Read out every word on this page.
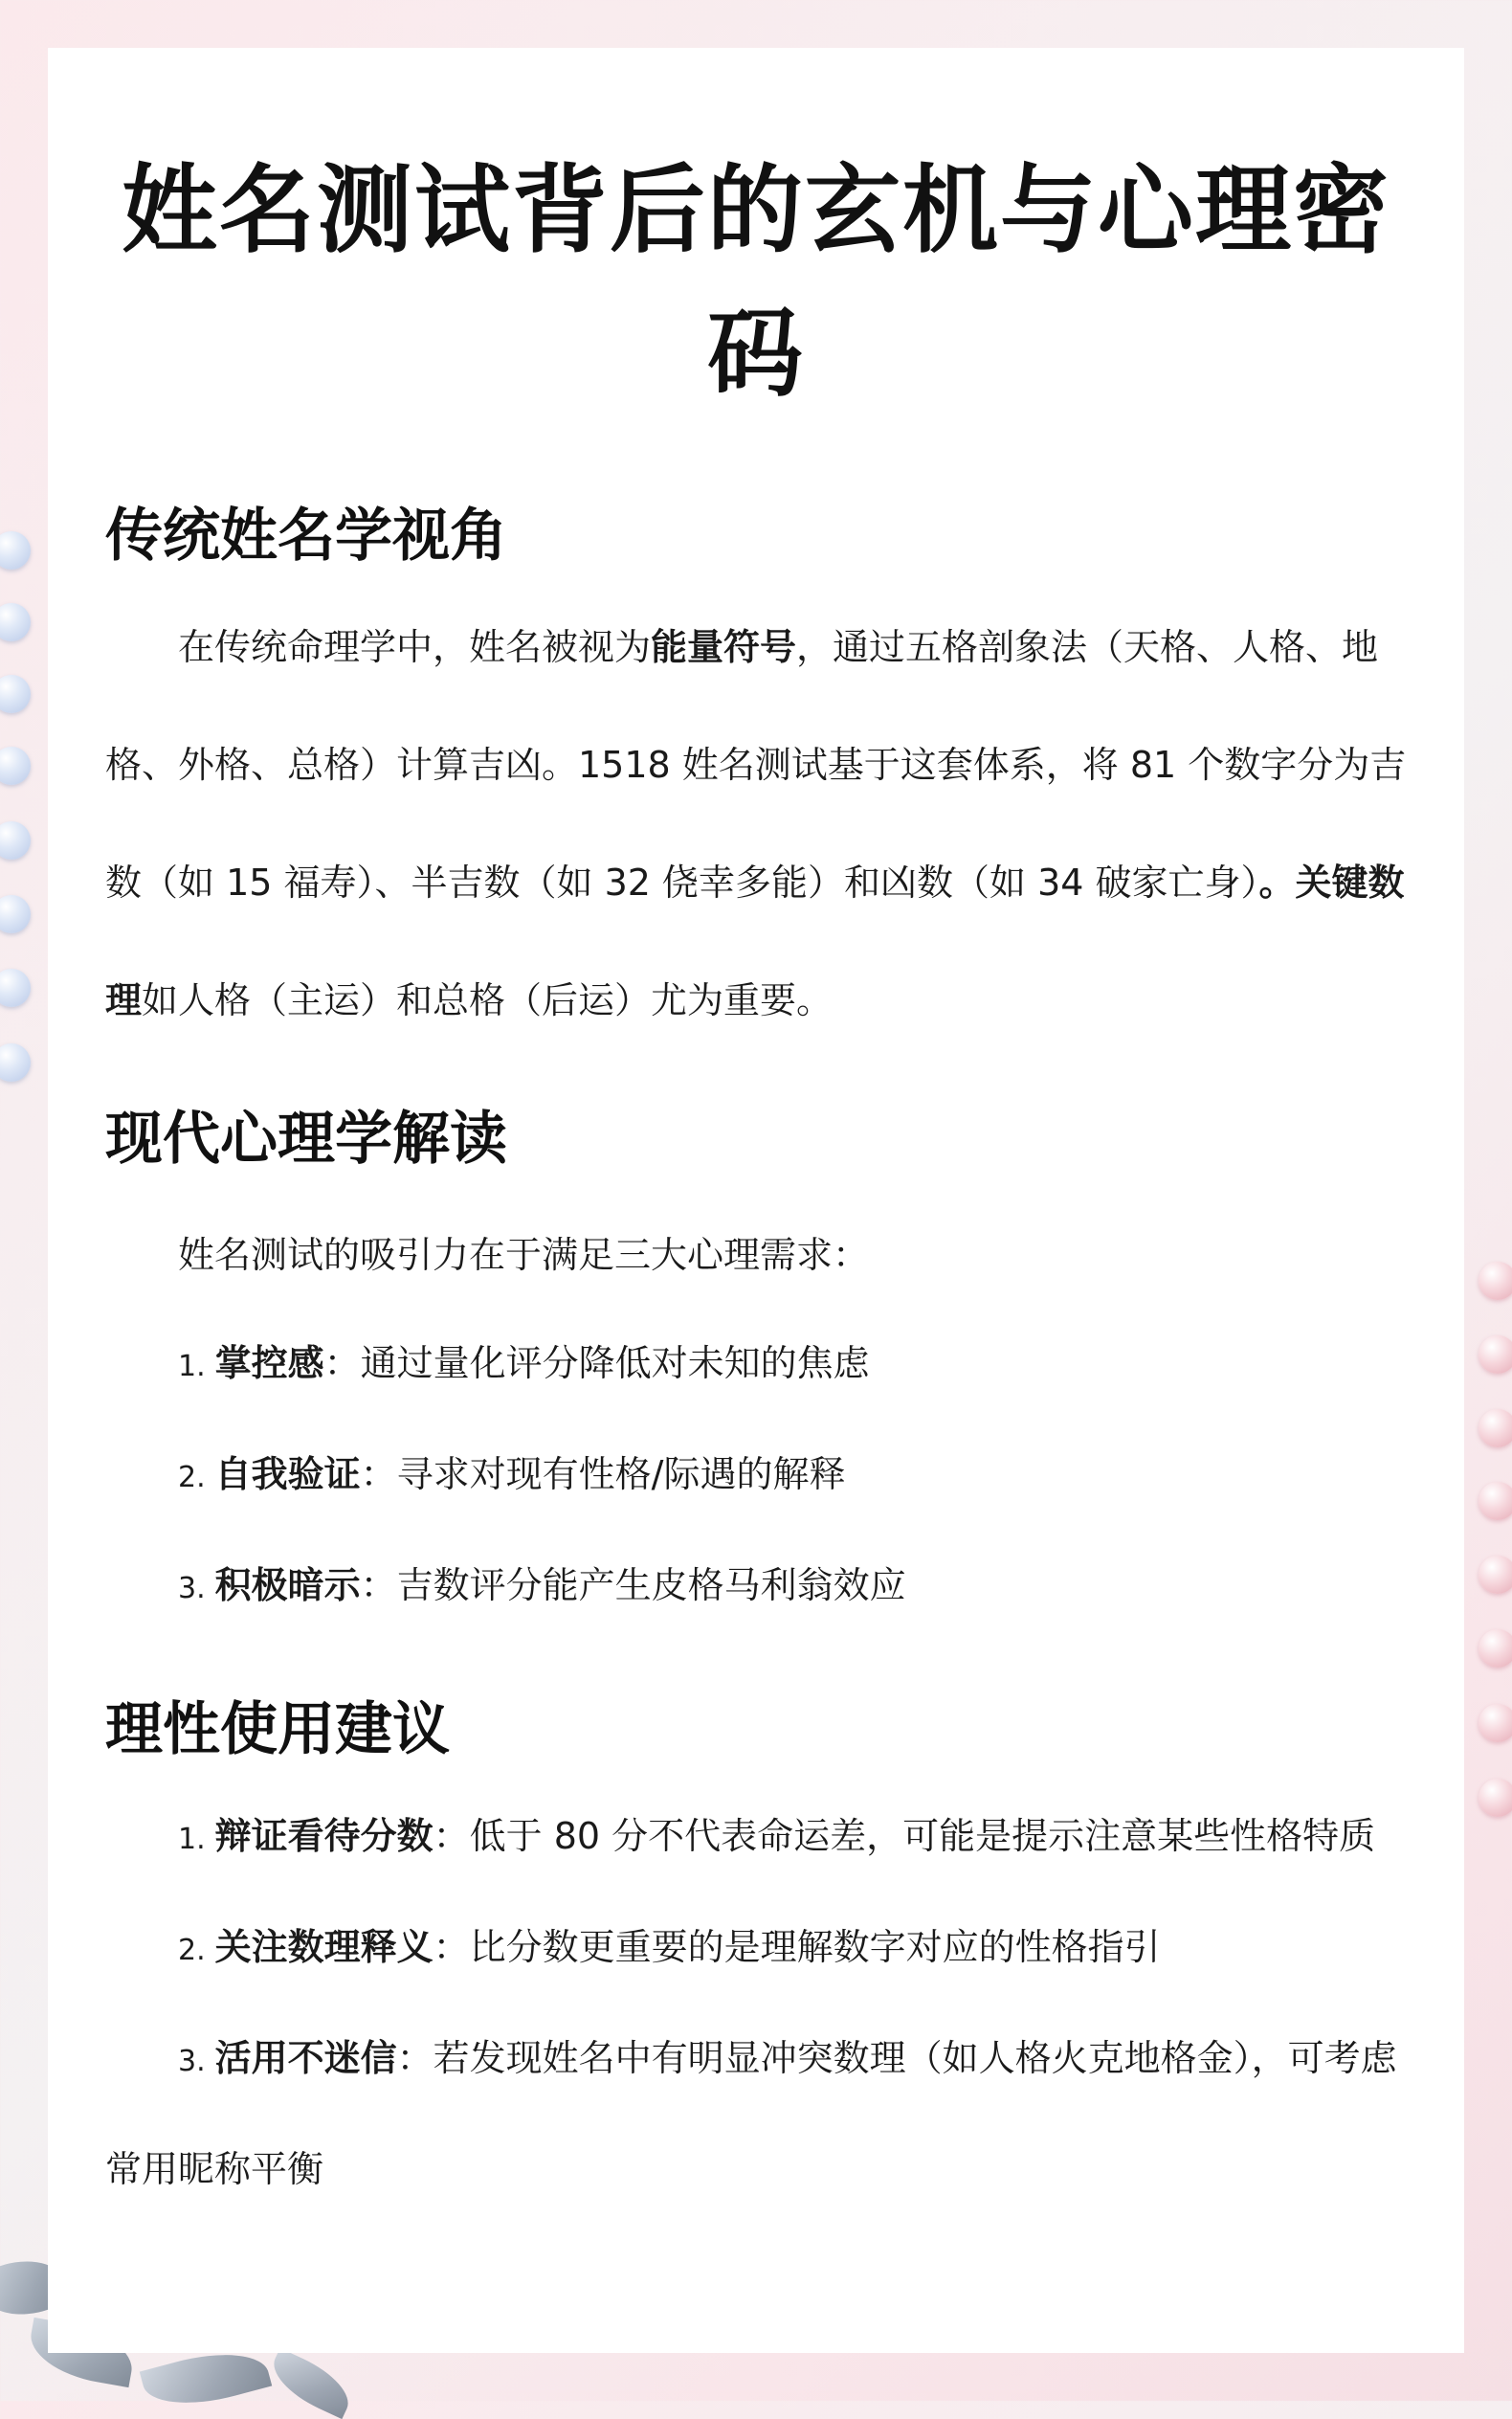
姓名测试背后的玄机与心理密码
传统姓名学视角

在传统命理学中，姓名被视为能量符号，通过五格剖象法（天格、人格、地格、外格、总格）计算吉凶。1518 姓名测试基于这套体系，将 81 个数字分为吉数（如 15 福寿）、半吉数（如 32 侥幸多能）和凶数（如 34 破家亡身）。关键数理如人格（主运）和总格（后运）尤为重要。

现代心理学解读

姓名测试的吸引力在于满足三大心理需求：

1. 掌控感：通过量化评分降低对未知的焦虑
2. 自我验证：寻求对现有性格/际遇的解释
3. 积极暗示：吉数评分能产生皮格马利翁效应
理性使用建议
1. 辩证看待分数：低于 80 分不代表命运差，可能是提示注意某些性格特质
2. 关注数理释义：比分数更重要的是理解数字对应的性格指引
3. 活用不迷信：若发现姓名中有明显冲突数理（如人格火克地格金），可考虑常用昵称平衡
